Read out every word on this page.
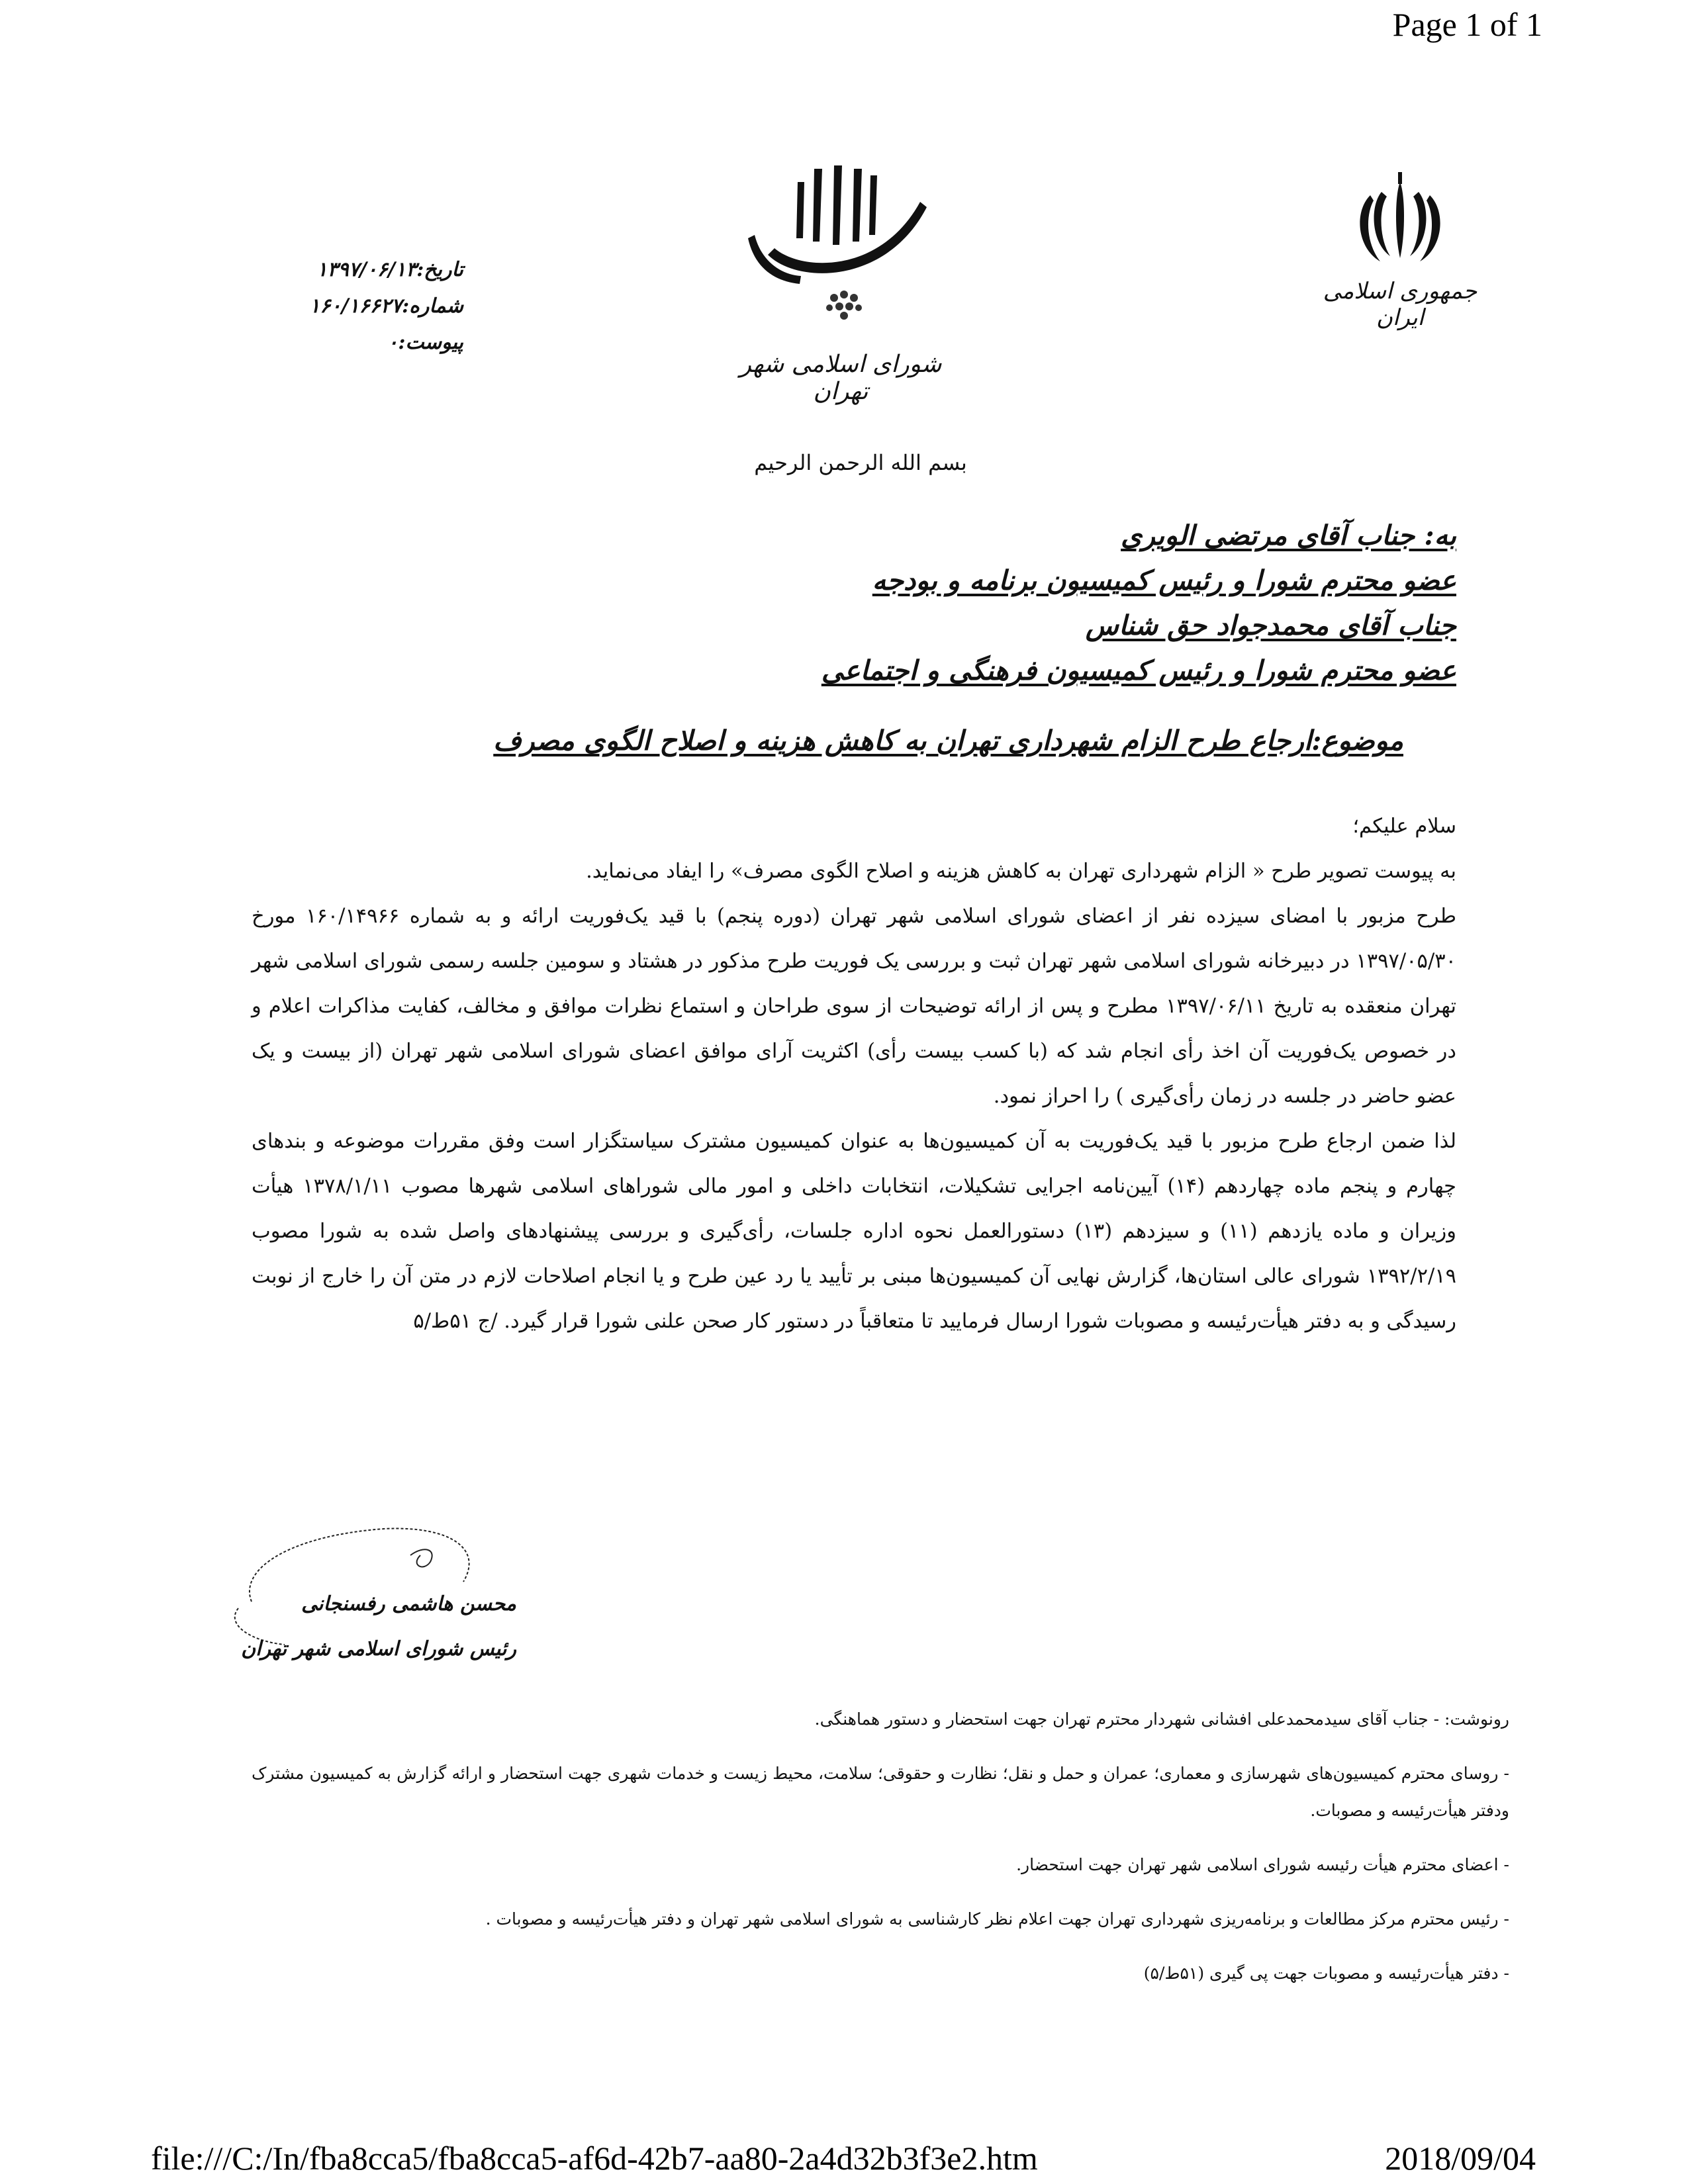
Page 1 of 1
جمهوری اسلامی ایران
شورای اسلامی شهر تهران
تاریخ:۱۳۹۷/۰۶/۱۳
شماره:۱۶۰/۱۶۶۲۷
پیوست:۰
بسم الله الرحمن الرحیم
به: جناب آقای مرتضی الویری
عضو محترم شورا و رئیس کمیسیون برنامه و بودجه
جناب آقای محمدجواد حق شناس
عضو محترم شورا و رئیس کمیسیون فرهنگی و اجتماعی
موضوع:ارجاع طرح الزام شهرداری تهران به کاهش هزینه و اصلاح الگوی مصرف

سلام علیکم؛

به پیوست تصویر طرح « الزام شهرداری تهران به کاهش هزینه و اصلاح الگوی مصرف» را ایفاد می‌نماید.

طرح مزبور با امضای سیزده نفر از اعضای شورای اسلامی شهر تهران (دوره پنجم) با قید یک‌فوریت ارائه و به شماره ۱۶۰/۱۴۹۶۶ مورخ ۱۳۹۷/۰۵/۳۰ در دبیرخانه شورای اسلامی شهر تهران ثبت و بررسی یک فوریت طرح مذکور در هشتاد و سومین جلسه رسمی شورای اسلامی شهر تهران منعقده به تاریخ ۱۳۹۷/۰۶/۱۱ مطرح و پس از ارائه توضیحات از سوی طراحان و استماع نظرات موافق و مخالف، کفایت مذاکرات اعلام و در خصوص یک‌فوریت آن اخذ رأی انجام شد که (با کسب بیست رأی) اکثریت آرای موافق اعضای شورای اسلامی شهر تهران (از بیست و یک عضو حاضر در جلسه در زمان رأی‌گیری ) را احراز نمود.

لذا ضمن ارجاع طرح مزبور با قید یک‌فوریت به آن کمیسیون‌ها به عنوان کمیسیون مشترک سیاستگزار است وفق مقررات موضوعه و بندهای چهارم و پنجم ماده چهاردهم (۱۴) آیین‌نامه اجرایی تشکیلات، انتخابات داخلی و امور مالی شوراهای اسلامی شهرها مصوب ۱۳۷۸/۱/۱۱ هیأت وزیران و ماده یازدهم (۱۱) و سیزدهم (۱۳) دستورالعمل نحوه اداره جلسات، رأی‌گیری و بررسی پیشنهادهای واصل شده به شورا مصوب ۱۳۹۲/۲/۱۹ شورای عالی استان‌ها، گزارش نهایی آن کمیسیون‌ها مبنی بر تأیید یا رد عین طرح و یا انجام اصلاحات لازم در متن آن را خارج از نوبت رسیدگی و به دفتر هیأت‌رئیسه و مصوبات شورا ارسال فرمایید تا متعاقباً در دستور کار صحن علنی شورا قرار گیرد. /ج ۵۱ط/۵

محسن هاشمی رفسنجانی
رئیس شورای اسلامی شهر تهران
رونوشت: - جناب آقای سیدمحمدعلی افشانی شهردار محترم تهران جهت استحضار و دستور هماهنگی.
- روسای محترم کمیسیون‌های شهرسازی و معماری؛ عمران و حمل و نقل؛ نظارت و حقوقی؛ سلامت، محیط زیست و خدمات شهری جهت استحضار و ارائه گزارش به کمیسیون مشترک ودفتر هیأت‌رئیسه و مصوبات.
- اعضای محترم هیأت رئیسه شورای اسلامی شهر تهران جهت استحضار.
- رئیس محترم مرکز مطالعات و برنامه‌ریزی شهرداری تهران جهت اعلام نظر کارشناسی به شورای اسلامی شهر تهران و دفتر هیأت‌رئیسه و مصوبات .
- دفتر هیأت‌رئیسه و مصوبات جهت پی گیری (۵۱ط/۵)
file:///C:/In/fba8cca5/fba8cca5-af6d-42b7-aa80-2a4d32b3f3e2.htm	2018/09/04
